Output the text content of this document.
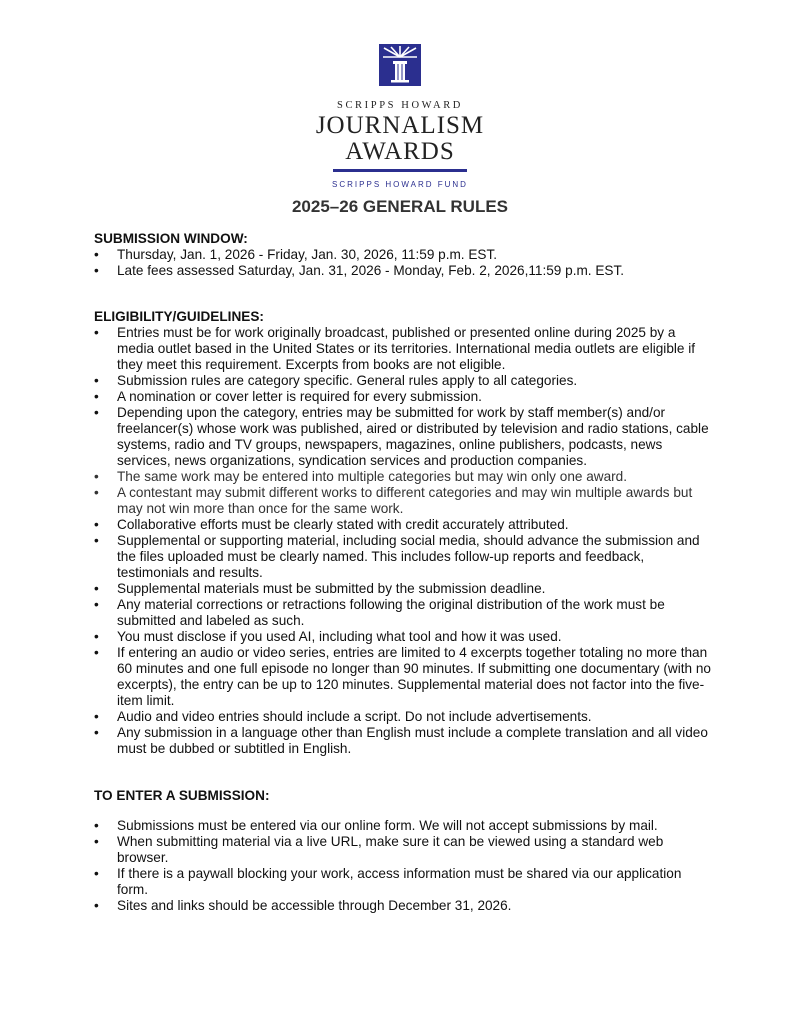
SCRIPPS HOWARD
JOURNALISM
AWARDS
SCRIPPS HOWARD FUND
2025–26 GENERAL RULES
SUBMISSION WINDOW:
• Thursday, Jan. 1, 2026 - Friday, Jan. 30, 2026, 11:59 p.m. EST.
• Late fees assessed Saturday, Jan. 31, 2026 - Monday, Feb. 2, 2026,11:59 p.m. EST.
ELIGIBILITY/GUIDELINES:
• Entries must be for work originally broadcast, published or presented online during 2025 by a media outlet based in the United States or its territories. International media outlets are eligible if they meet this requirement. Excerpts from books are not eligible.
• Submission rules are category specific. General rules apply to all categories.
• A nomination or cover letter is required for every submission.
• Depending upon the category, entries may be submitted for work by staff member(s) and/or freelancer(s) whose work was published, aired or distributed by television and radio stations, cable systems, radio and TV groups, newspapers, magazines, online publishers, podcasts, news services, news organizations, syndication services and production companies.
• The same work may be entered into multiple categories but may win only one award.
• A contestant may submit different works to different categories and may win multiple awards but may not win more than once for the same work.
• Collaborative efforts must be clearly stated with credit accurately attributed.
• Supplemental or supporting material, including social media, should advance the submission and the files uploaded must be clearly named. This includes follow-up reports and feedback, testimonials and results.
• Supplemental materials must be submitted by the submission deadline.
• Any material corrections or retractions following the original distribution of the work must be submitted and labeled as such.
• You must disclose if you used AI, including what tool and how it was used.
• If entering an audio or video series, entries are limited to 4 excerpts together totaling no more than 60 minutes and one full episode no longer than 90 minutes. If submitting one documentary (with no excerpts), the entry can be up to 120 minutes. Supplemental material does not factor into the five-item limit.
• Audio and video entries should include a script. Do not include advertisements.
• Any submission in a language other than English must include a complete translation and all video must be dubbed or subtitled in English.
TO ENTER A SUBMISSION:
• Submissions must be entered via our online form. We will not accept submissions by mail.
• When submitting material via a live URL, make sure it can be viewed using a standard web browser.
• If there is a paywall blocking your work, access information must be shared via our application form.
• Sites and links should be accessible through December 31, 2026.
